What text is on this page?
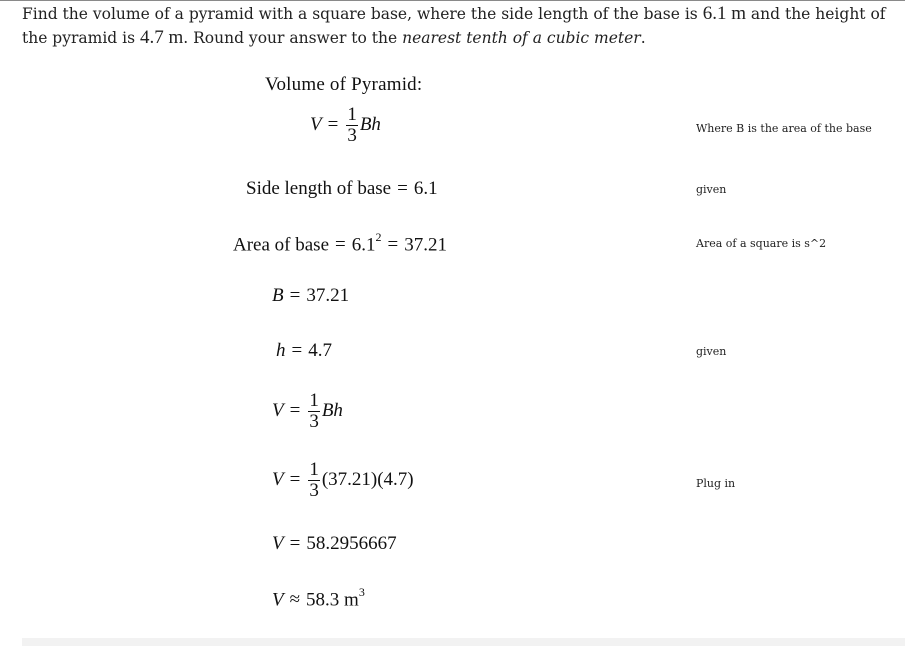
Find the volume of a pyramid with a square base, where the side length of the base is 6.1 m and the height of the pyramid is 4.7 m. Round your answer to the nearest tenth of a cubic meter.
Volume of Pyramid:
$V = \frac{1}{3}$ Bh	Where B is the area of the base
Side length of base = 6.1	given
Area of base = $6.1^2 = 37.21$	Area of a square is s^2
B = 37.21
h = 4.7	given
$V = \frac{1}{3}$ Bh
$V = \frac{1}{3} (37.21)(4.7)$	Plug in
V = 58.2956667
V ≈ 58.3 $m^3$
